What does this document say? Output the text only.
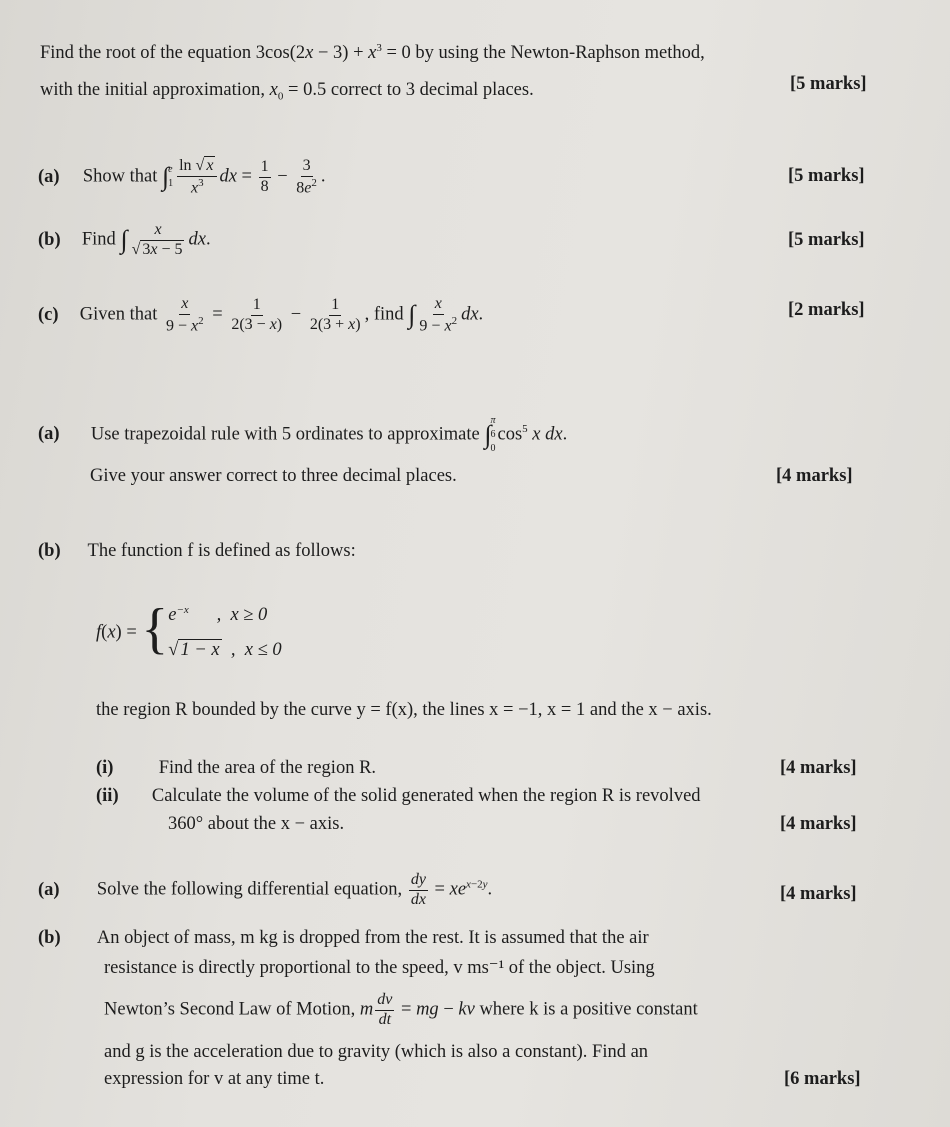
Find the root of the equation $3\cos(2x - 3) + x^3 = 0$ by using the Newton-Raphson method,
with the initial approximation, $x_0 = 0.5$ correct to 3 decimal places.	[5 marks]
(a) Show that ∫ e
$1 \frac{\ln √ x}{x^3}$ dx = $\frac{1}{8} - \frac{3}{8e^2}$ .	[5 marks]
(b) Find ∫ $\frac{x}{√ 3x - 5}$ dx.	[5 marks]
(c) Given that $\frac{x}{9 - x^2} = \frac{1}{2(3 - x)} - \frac{1}{2(3 + x)}$ , find ∫ $\frac{x}{9 - x^2}$ dx.	[2 marks]
(a) Use trapezoidal rule with 5 ordinates to approximate ∫ π
6
0
$\cos^5 x$ dx.
Give your answer correct to three decimal places.	[4 marks]
(b) The function f is defined as follows:
f(x) = { $e^{-x}$      ,  x ≥ 0
√ 1 − x  ,  x ≤ 0
the region R bounded by the curve y = f(x), the lines x = −1, x = 1 and the x − axis.
(i) Find the area of the region R.	[4 marks]
(ii) Calculate the volume of the solid generated when the region R is revolved
360° about the x − axis.	[4 marks]
(a) Solve the following differential equation, $\frac{dy}{dx} = xe^{x-2y}$.	[4 marks]
(b) An object of mass, m kg is dropped from the rest. It is assumed that the air
resistance is directly proportional to the speed, v ms⁻¹ of the object. Using
Newton’s Second Law of Motion, m $\frac{dv}{dt}$ = mg − kv where k is a positive constant
and g is the acceleration due to gravity (which is also a constant). Find an
expression for v at any time t.	[6 marks]
